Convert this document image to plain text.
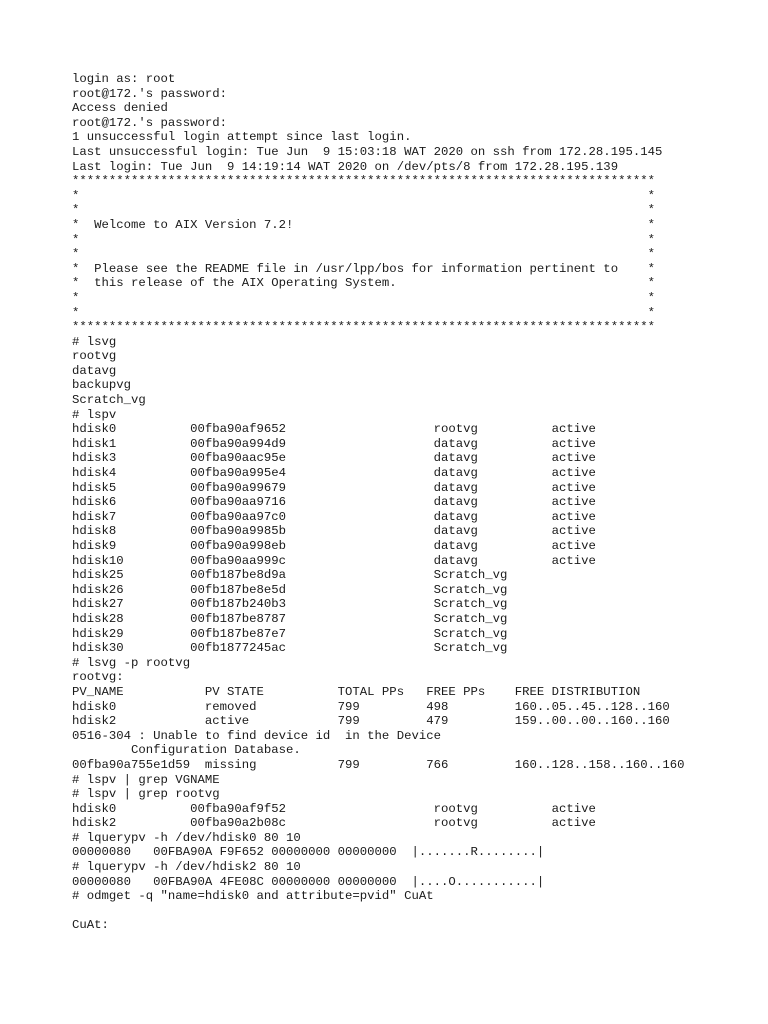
login as: root
root@172.'s password:
Access denied
root@172.'s password:
1 unsuccessful login attempt since last login.
Last unsuccessful login: Tue Jun  9 15:03:18 WAT 2020 on ssh from 172.28.195.145
Last login: Tue Jun  9 14:19:14 WAT 2020 on /dev/pts/8 from 172.28.195.139
*******************************************************************************
*                                                                             *
*                                                                             *
*  Welcome to AIX Version 7.2!                                                *
*                                                                             *
*                                                                             *
*  Please see the README file in /usr/lpp/bos for information pertinent to    *
*  this release of the AIX Operating System.                                  *
*                                                                             *
*                                                                             *
*******************************************************************************
# lsvg
rootvg
datavg
backupvg
Scratch_vg
# lspv
hdisk0          00fba90af9652                    rootvg          active
hdisk1          00fba90a994d9                    datavg          active
hdisk3          00fba90aac95e                    datavg          active
hdisk4          00fba90a995e4                    datavg          active
hdisk5          00fba90a99679                    datavg          active
hdisk6          00fba90aa9716                    datavg          active
hdisk7          00fba90aa97c0                    datavg          active
hdisk8          00fba90a9985b                    datavg          active
hdisk9          00fba90a998eb                    datavg          active
hdisk10         00fba90aa999c                    datavg          active
hdisk25         00fb187be8d9a                    Scratch_vg
hdisk26         00fb187be8e5d                    Scratch_vg
hdisk27         00fb187b240b3                    Scratch_vg
hdisk28         00fb187be8787                    Scratch_vg
hdisk29         00fb187be87e7                    Scratch_vg
hdisk30         00fb1877245ac                    Scratch_vg
# lsvg -p rootvg
rootvg:
PV_NAME           PV STATE          TOTAL PPs   FREE PPs    FREE DISTRIBUTION
hdisk0            removed           799         498         160..05..45..128..160
hdisk2            active            799         479         159..00..00..160..160
0516-304 : Unable to find device id  in the Device
Configuration Database.
00fba90a755e1d59  missing           799         766         160..128..158..160..160
# lspv | grep VGNAME
# lspv | grep rootvg
hdisk0          00fba90af9f52                    rootvg          active
hdisk2          00fba90a2b08c                    rootvg          active
# lquerypv -h /dev/hdisk0 80 10
00000080   00FBA90A F9F652 00000000 00000000  |.......R........|
# lquerypv -h /dev/hdisk2 80 10
00000080   00FBA90A 4FE08C 00000000 00000000  |....O...........|
# odmget -q "name=hdisk0 and attribute=pvid" CuAt
CuAt:
